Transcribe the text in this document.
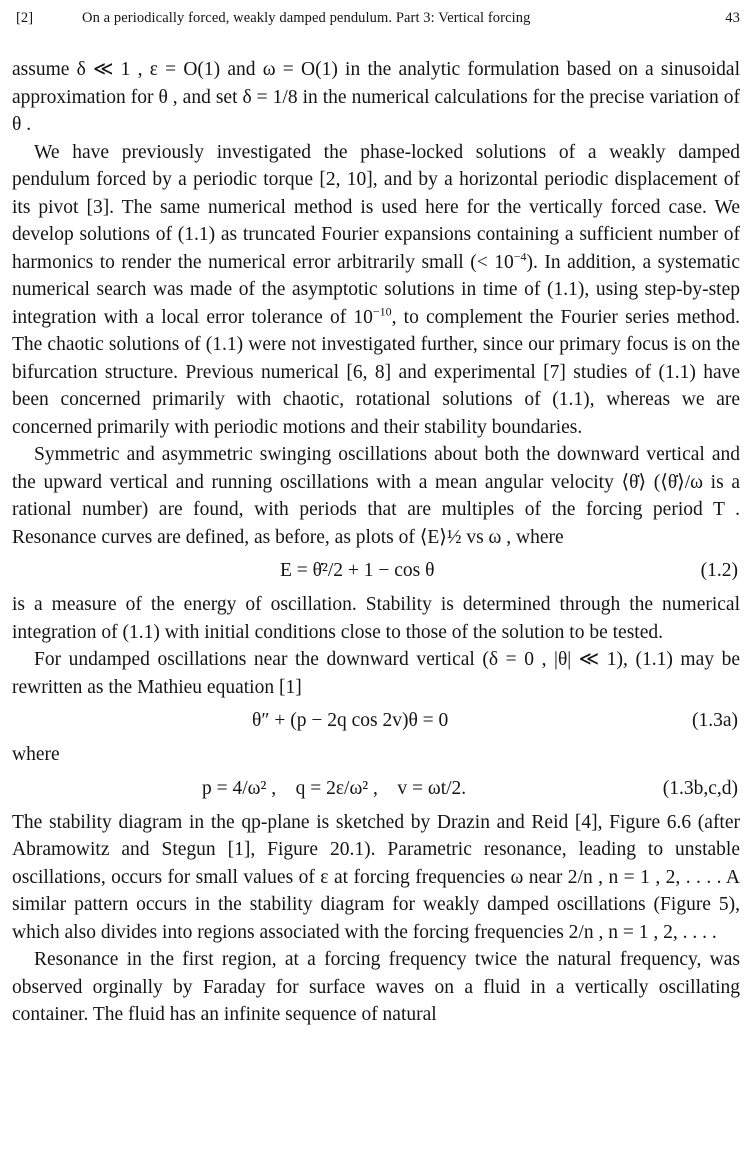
[2]	On a periodically forced, weakly damped pendulum. Part 3: Vertical forcing	43

assume δ ≪ 1 , ε = O(1) and ω = O(1) in the analytic formulation based on a sinusoidal approximation for θ , and set δ = 1/8 in the numerical calculations for the precise variation of θ .

We have previously investigated the phase-locked solutions of a weakly damped pendulum forced by a periodic torque [2, 10], and by a horizontal periodic displacement of its pivot [3]. The same numerical method is used here for the vertically forced case. We develop solutions of (1.1) as truncated Fourier expansions containing a sufficient number of harmonics to render the numerical error arbitrarily small (< $10^{-4}$). In addition, a systematic numerical search was made of the asymptotic solutions in time of (1.1), using step-by-step integration with a local error tolerance of $10^{-10}$, to complement the Fourier series method. The chaotic solutions of (1.1) were not investigated further, since our primary focus is on the bifurcation structure. Previous numerical [6, 8] and experimental [7] studies of (1.1) have been concerned primarily with chaotic, rotational solutions of (1.1), whereas we are concerned primarily with periodic motions and their stability boundaries.

Symmetric and asymmetric swinging oscillations about both the downward vertical and the upward vertical and running oscillations with a mean angular velocity ⟨θ̇⟩ (⟨θ̇⟩/ω is a rational number) are found, with periods that are multiples of the forcing period T . Resonance curves are defined, as before, as plots of ⟨E⟩½ vs ω , where

E = θ̇²/2 + 1 − cos θ	(1.2)

is a measure of the energy of oscillation. Stability is determined through the numerical integration of (1.1) with initial conditions close to those of the solution to be tested.

For undamped oscillations near the downward vertical (δ = 0 , |θ| ≪ 1), (1.1) may be rewritten as the Mathieu equation [1]

θ″ + (p − 2q cos 2v)θ = 0	(1.3a)

where

p = 4/ω² ,    q = 2ε/ω² ,    v = ωt/2.	(1.3b,c,d)

The stability diagram in the qp-plane is sketched by Drazin and Reid [4], Figure 6.6 (after Abramowitz and Stegun [1], Figure 20.1). Parametric resonance, leading to unstable oscillations, occurs for small values of ε at forcing frequencies ω near 2/n , n = 1 , 2, . . . . A similar pattern occurs in the stability diagram for weakly damped oscillations (Figure 5), which also divides into regions associated with the forcing frequencies 2/n , n = 1 , 2, . . . .

Resonance in the first region, at a forcing frequency twice the natural frequency, was observed orginally by Faraday for surface waves on a fluid in a vertically oscillating container. The fluid has an infinite sequence of natural
